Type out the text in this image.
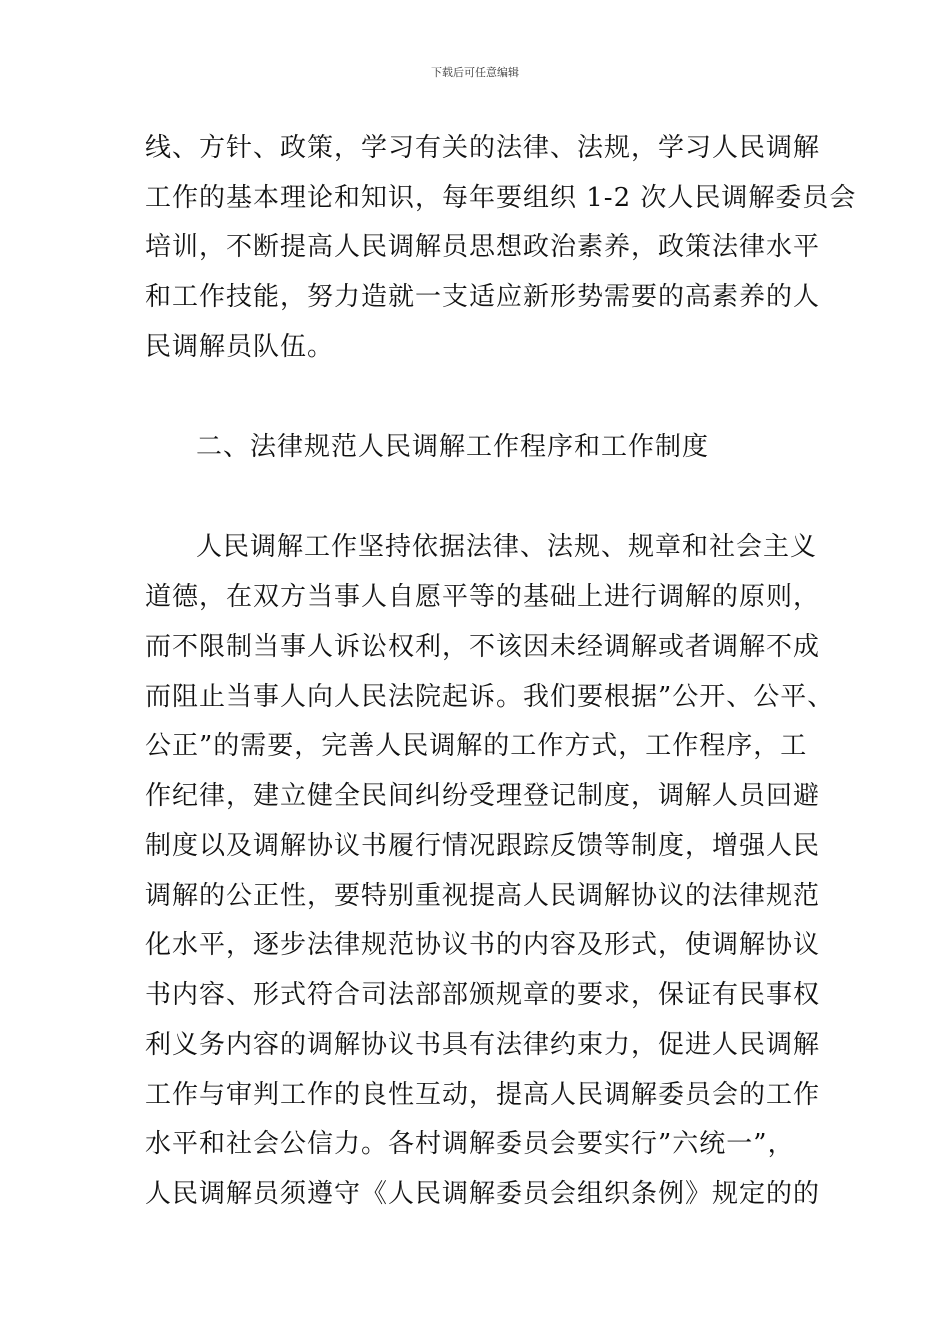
下载后可任意编辑
线、方针、政策，学习有关的法律、法规，学习人民调解
工作的基本理论和知识，每年要组织 1-2 次人民调解委员会
培训，不断提高人民调解员思想政治素养，政策法律水平
和工作技能，努力造就一支适应新形势需要的高素养的人
民调解员队伍。
二、法律规范人民调解工作程序和工作制度
人民调解工作坚持依据法律、法规、规章和社会主义
道德，在双方当事人自愿平等的基础上进行调解的原则，
而不限制当事人诉讼权利，不该因未经调解或者调解不成
而阻止当事人向人民法院起诉。我们要根据”公开、公平、
公正”的需要，完善人民调解的工作方式，工作程序，工
作纪律，建立健全民间纠纷受理登记制度，调解人员回避
制度以及调解协议书履行情况跟踪反馈等制度，增强人民
调解的公正性，要特别重视提高人民调解协议的法律规范
化水平，逐步法律规范协议书的内容及形式，使调解协议
书内容、形式符合司法部部颁规章的要求，保证有民事权
利义务内容的调解协议书具有法律约束力，促进人民调解
工作与审判工作的良性互动，提高人民调解委员会的工作
水平和社会公信力。各村调解委员会要实行”六统一”，
人民调解员须遵守《人民调解委员会组织条例》规定的的
